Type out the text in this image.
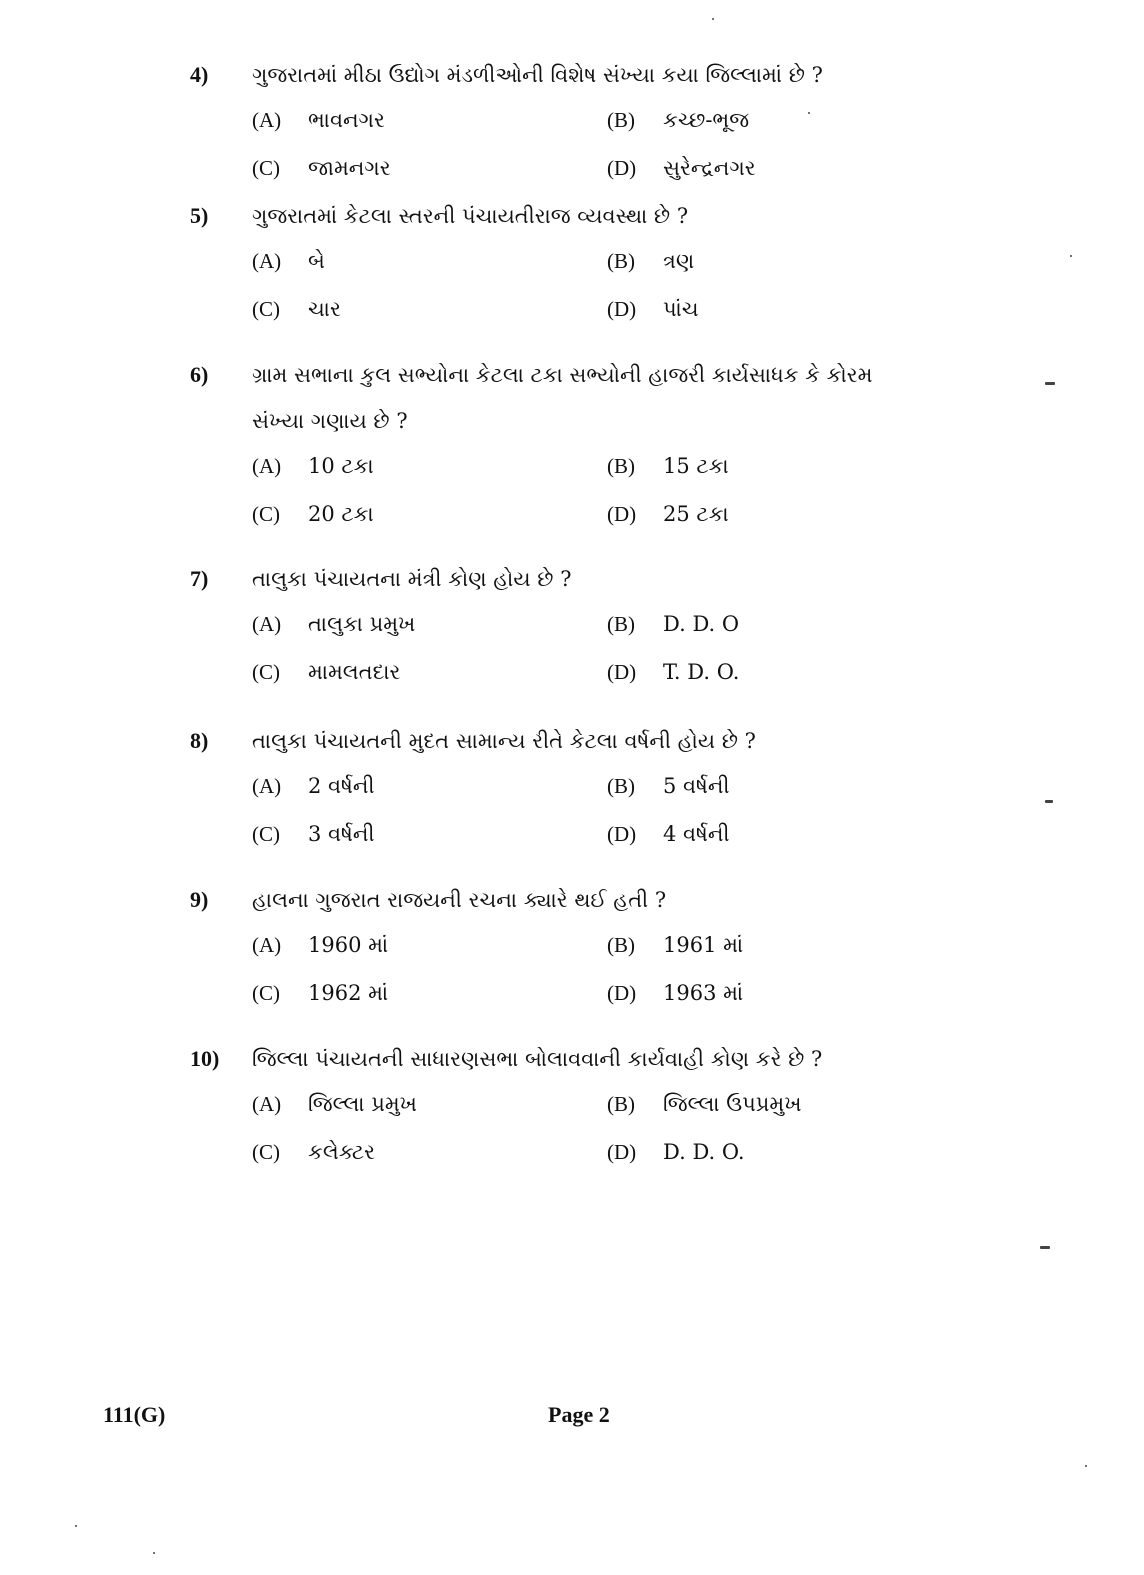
4)	ગુજરાતમાં મીઠા ઉદ્યોગ મંડળીઓની વિશેષ સંખ્યા કયા જિલ્લામાં છે ?
(A) ભાવનગર	(B) કચ્છ-ભૂજ
(C) જામનગર	(D) સુરેન્દ્રનગર
5)	ગુજરાતમાં કેટલા સ્તરની પંચાયતીરાજ વ્યવસ્થા છે ?
(A) બે	(B) ત્રણ
(C) ચાર	(D) પાંચ
6)	ગ્રામ સભાના કુલ સભ્યોના કેટલા ટકા સભ્યોની હાજરી કાર્યસાધક કે કોરમ
સંખ્યા ગણાય છે ?
(A) 10 ટકા	(B) 15 ટકા
(C) 20 ટકા	(D) 25 ટકા
7)	તાલુકા પંચાયતના મંત્રી કોણ હોય છે ?
(A) તાલુકા પ્રમુખ	(B) D. D. O
(C) મામલતદાર	(D) T. D. O.
8)	તાલુકા પંચાયતની મુદત સામાન્ય રીતે કેટલા વર્ષની હોય છે ?
(A) 2 વર્ષની	(B) 5 વર્ષની
(C) 3 વર્ષની	(D) 4 વર્ષની
9)	હાલના ગુજરાત રાજયની રચના ક્યારે થઈ હતી ?
(A) 1960 માં	(B) 1961 માં
(C) 1962 માં	(D) 1963 માં
10)	જિલ્લા પંચાયતની સાધારણસભા બોલાવવાની કાર્યવાહી કોણ કરે છે ?
(A) જિલ્લા પ્રમુખ	(B) જિલ્લા ઉપપ્રમુખ
(C) કલેક્ટર	(D) D. D. O.
111(G)	Page 2
